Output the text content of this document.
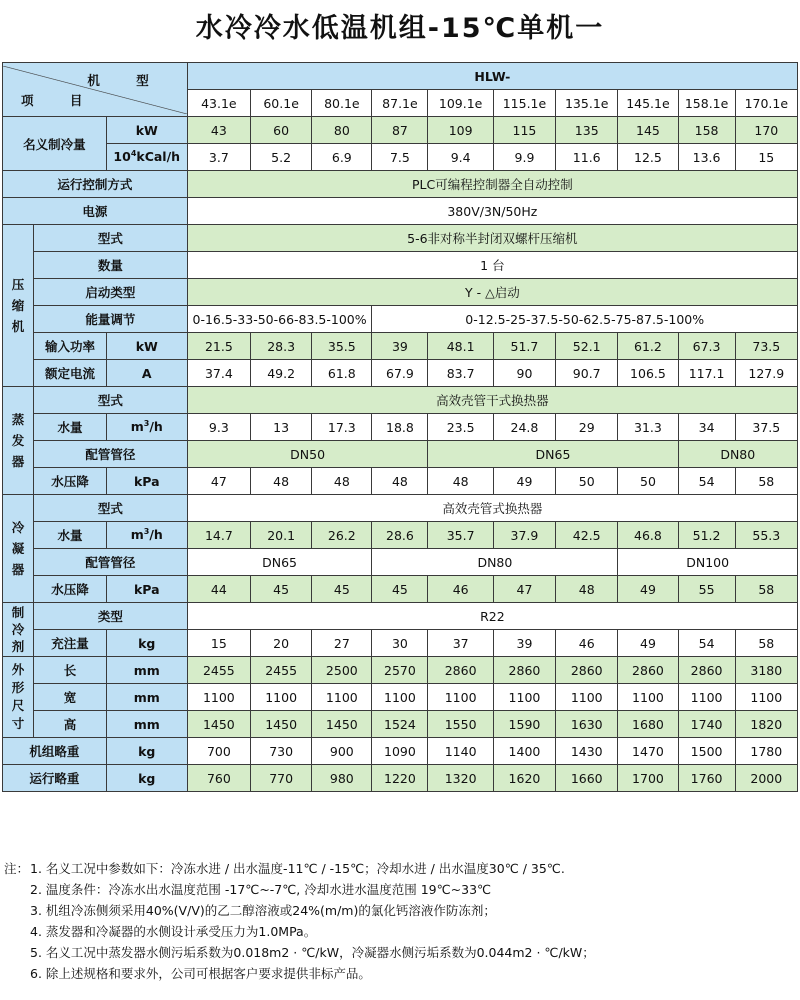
水冷冷水低温机组-15℃单机一
项 目
机 型			HLW-									
			43.1e	60.1e	80.1e	87.1e	109.1e	115.1e	135.1e	145.1e	158.1e	170.1e
名义制冷量		kW	43	60	80	87	109	115	135	145	158	170
		$10^4kCal/h$	3.7	5.2	6.9	7.5	9.4	9.9	11.6	12.5	13.6	15
运行控制方式			PLC可编程控制器全自动控制									
电源			380V/3N/50Hz									
压
缩
机	型式		5-6非对称半封闭双螺杆压缩机									
	数量		1 台									
	启动类型		Y - △启动									
	能量调节		0-16.5-33-50-66-83.5-100%			0-12.5-25-37.5-50-62.5-75-87.5-100%						
	输入功率	kW	21.5	28.3	35.5	39	48.1	51.7	52.1	61.2	67.3	73.5
	额定电流	A	37.4	49.2	61.8	67.9	83.7	90	90.7	106.5	117.1	127.9
蒸
发
器	型式		高效壳管干式换热器									
	水量	$m^3/h$	9.3	13	17.3	18.8	23.5	24.8	29	31.3	34	37.5
	配管管径		DN50				DN65				DN80	
	水压降	kPa	47	48	48	48	48	49	50	50	54	58
冷
凝
器	型式		高效壳管式换热器									
	水量	$m^3/h$	14.7	20.1	26.2	28.6	35.7	37.9	42.5	46.8	51.2	55.3
	配管管径		DN65			DN80				DN100		
	水压降	kPa	44	45	45	45	46	47	48	49	55	58
制
冷
剂	类型		R22									
	充注量	kg	15	20	27	30	37	39	46	49	54	58
外
形
尺
寸	长	mm	2455	2455	2500	2570	2860	2860	2860	2860	2860	3180
	宽	mm	1100	1100	1100	1100	1100	1100	1100	1100	1100	1100
	高	mm	1450	1450	1450	1524	1550	1590	1630	1680	1740	1820
机组略重		kg	700	730	900	1090	1140	1400	1430	1470	1500	1780
运行略重		kg	760	770	980	1220	1320	1620	1660	1700	1760	2000
注： 1. 名义工况中参数如下：冷冻水进 / 出水温度-11℃ / -15℃；冷却水进 / 出水温度30℃ / 35℃.
2. 温度条件：冷冻水出水温度范围 -17℃~-7℃, 冷却水进水温度范围 19℃~33℃
3. 机组冷冻侧须采用40%(V/V)的乙二醇溶液或24%(m/m)的氯化钙溶液作防冻剂；
4. 蒸发器和冷凝器的水侧设计承受压力为1.0MPa。
5. 名义工况中蒸发器水侧污垢系数为0.018m2 · ℃/kW，冷凝器水侧污垢系数为0.044m2 · ℃/kW；
6. 除上述规格和要求外，公司可根据客户要求提供非标产品。
